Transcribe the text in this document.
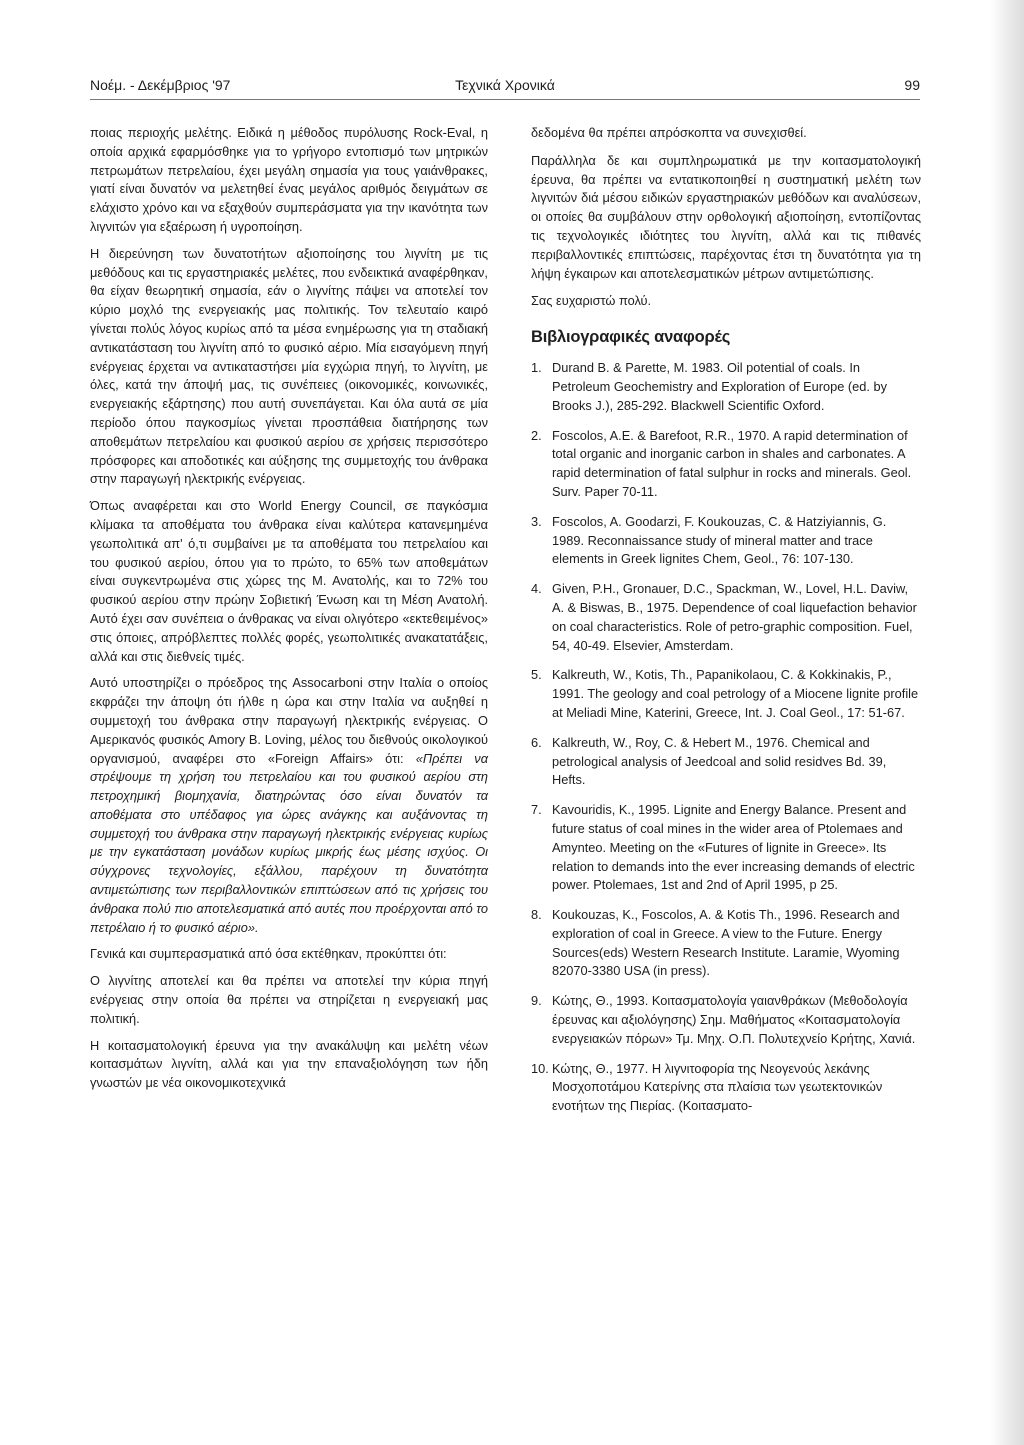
Νοέμ. - Δεκέμβριος '97	Τεχνικά Χρονικά	99

ποιας περιοχής μελέτης. Ειδικά η μέθοδος πυρόλυσης Rock-Eval, η οποία αρχικά εφαρμόσθηκε για το γρήγορο εντοπισμό των μητρικών πετρωμάτων πετρελαίου, έχει μεγάλη σημασία για τους γαιάνθρακες, γιατί είναι δυνατόν να μελετηθεί ένας μεγάλος αριθμός δειγμάτων σε ελάχιστο χρόνο και να εξαχθούν συμπεράσματα για την ικανότητα των λιγνιτών για εξαέρωση ή υγροποίηση.

Η διερεύνηση των δυνατοτήτων αξιοποίησης του λιγνίτη με τις μεθόδους και τις εργαστηριακές μελέτες, που ενδεικτικά αναφέρθηκαν, θα είχαν θεωρητική σημασία, εάν ο λιγνίτης πάψει να αποτελεί τον κύριο μοχλό της ενεργειακής μας πολιτικής. Τον τελευταίο καιρό γίνεται πολύς λόγος κυρίως από τα μέσα ενημέρωσης για τη σταδιακή αντικατάσταση του λιγνίτη από το φυσικό αέριο. Μία εισαγόμενη πηγή ενέργειας έρχεται να αντικαταστήσει μία εγχώρια πηγή, το λιγνίτη, με όλες, κατά την άποψή μας, τις συνέπειες (οικονομικές, κοινωνικές, ενεργειακής εξάρτησης) που αυτή συνεπάγεται. Και όλα αυτά σε μία περίοδο όπου παγκοσμίως γίνεται προσπάθεια διατήρησης των αποθεμάτων πετρελαίου και φυσικού αερίου σε χρήσεις περισσότερο πρόσφορες και αποδοτικές και αύξησης της συμμετοχής του άνθρακα στην παραγωγή ηλεκτρικής ενέργειας.

Όπως αναφέρεται και στο World Energy Council, σε παγκόσμια κλίμακα τα αποθέματα του άνθρακα είναι καλύτερα κατανεμημένα γεωπολιτικά απ' ό,τι συμβαίνει με τα αποθέματα του πετρελαίου και του φυσικού αερίου, όπου για το πρώτο, το 65% των αποθεμάτων είναι συγκεντρωμένα στις χώρες της Μ. Ανατολής, και το 72% του φυσικού αερίου στην πρώην Σοβιετική Ένωση και τη Μέση Ανατολή. Αυτό έχει σαν συνέπεια ο άνθρακας να είναι ολιγότερο «εκτεθειμένος» στις όποιες, απρόβλεπτες πολλές φορές, γεωπολιτικές ανακατατάξεις, αλλά και στις διεθνείς τιμές.

Αυτό υποστηρίζει ο πρόεδρος της Assocarboni στην Ιταλία ο οποίος εκφράζει την άποψη ότι ήλθε η ώρα και στην Ιταλία να αυξηθεί η συμμετοχή του άνθρακα στην παραγωγή ηλεκτρικής ενέργειας. Ο Αμερικανός φυσικός Amory B. Loving, μέλος του διεθνούς οικολογικού οργανισμού, αναφέρει στο «Foreign Affairs» ότι: «Πρέπει να στρέψουμε τη χρήση του πετρελαίου και του φυσικού αερίου στη πετροχημική βιομηχανία, διατηρώντας όσο είναι δυνατόν τα αποθέματα στο υπέδαφος για ώρες ανάγκης και αυξάνοντας τη συμμετοχή του άνθρακα στην παραγωγή ηλεκτρικής ενέργειας κυρίως με την εγκατάσταση μονάδων κυρίως μικρής έως μέσης ισχύος. Οι σύγχρονες τεχνολογίες, εξάλλου, παρέχουν τη δυνατότητα αντιμετώπισης των περιβαλλοντικών επιπτώσεων από τις χρήσεις του άνθρακα πολύ πιο αποτελεσματικά από αυτές που προέρχονται από το πετρέλαιο ή το φυσικό αέριο».

Γενικά και συμπερασματικά από όσα εκτέθηκαν, προκύπτει ότι:

Ο λιγνίτης αποτελεί και θα πρέπει να αποτελεί την κύρια πηγή ενέργειας στην οποία θα πρέπει να στηρίζεται η ενεργειακή μας πολιτική.

Η κοιτασματολογική έρευνα για την ανακάλυψη και μελέτη νέων κοιτασμάτων λιγνίτη, αλλά και για την επαναξιολόγηση των ήδη γνωστών με νέα οικονομικοτεχνικά

δεδομένα θα πρέπει απρόσκοπτα να συνεχισθεί.

Παράλληλα δε και συμπληρωματικά με την κοιτασματολογική έρευνα, θα πρέπει να εντατικοποιηθεί η συστηματική μελέτη των λιγνιτών διά μέσου ειδικών εργαστηριακών μεθόδων και αναλύσεων, οι οποίες θα συμβάλουν στην ορθολογική αξιοποίηση, εντοπίζοντας τις τεχνολογικές ιδιότητες του λιγνίτη, αλλά και τις πιθανές περιβαλλοντικές επιπτώσεις, παρέχοντας έτσι τη δυνατότητα για τη λήψη έγκαιρων και αποτελεσματικών μέτρων αντιμετώπισης.

Σας ευχαριστώ πολύ.

Βιβλιογραφικές αναφορές
1. Durand B. & Parette, M. 1983. Oil potential of coals. In Petroleum Geochemistry and Exploration of Europe (ed. by Brooks J.), 285-292. Blackwell Scientific Oxford.
2. Foscolos, A.E. & Barefoot, R.R., 1970. A rapid determination of total organic and inorganic carbon in shales and carbonates. A rapid determination of fatal sulphur in rocks and minerals. Geol. Surv. Paper 70-11.
3. Foscolos, A. Goodarzi, F. Koukouzas, C. & Hatziyiannis, G. 1989. Reconnaissance study of mineral matter and trace elements in Greek lignites Chem, Geol., 76: 107-130.
4. Given, P.H., Gronauer, D.C., Spackman, W., Lovel, H.L. Daviw, A. & Biswas, B., 1975. Dependence of coal liquefaction behavior on coal characteristics. Role of petro-graphic composition. Fuel, 54, 40-49. Elsevier, Amsterdam.
5. Kalkreuth, W., Kotis, Th., Papanikolaou, C. & Kokkinakis, P., 1991. The geology and coal petrology of a Miocene lignite profile at Meliadi Mine, Katerini, Greece, Int. J. Coal Geol., 17: 51-67.
6. Kalkreuth, W., Roy, C. & Hebert M., 1976. Chemical and petrological analysis of Jeedcoal and solid residves Bd. 39, Hefts.
7. Kavouridis, K., 1995. Lignite and Energy Balance. Present and future status of coal mines in the wider area of Ptolemaes and Amynteo. Meeting on the «Futures of lignite in Greece». Its relation to demands into the ever increasing demands of electric power. Ptolemaes, 1st and 2nd of April 1995, p 25.
8. Koukouzas, K., Foscolos, A. & Kotis Th., 1996. Research and exploration of coal in Greece. A view to the Future. Energy Sources(eds) Western Research Institute. Laramie, Wyoming 82070-3380 USA (in press).
9. Κώτης, Θ., 1993. Κοιτασματολογία γαιανθράκων (Μεθοδολογία έρευνας και αξιολόγησης) Σημ. Μαθήματος «Κοιτασματολογία ενεργειακών πόρων» Τμ. Μηχ. Ο.Π. Πολυτεχνείο Κρήτης, Χανιά.
10. Κώτης, Θ., 1977. Η λιγνιτοφορία της Νεογενούς λεκάνης Μοσχοποτάμου Κατερίνης στα πλαίσια των γεωτεκτονικών ενοτήτων της Πιερίας. (Κοιτασματο-
